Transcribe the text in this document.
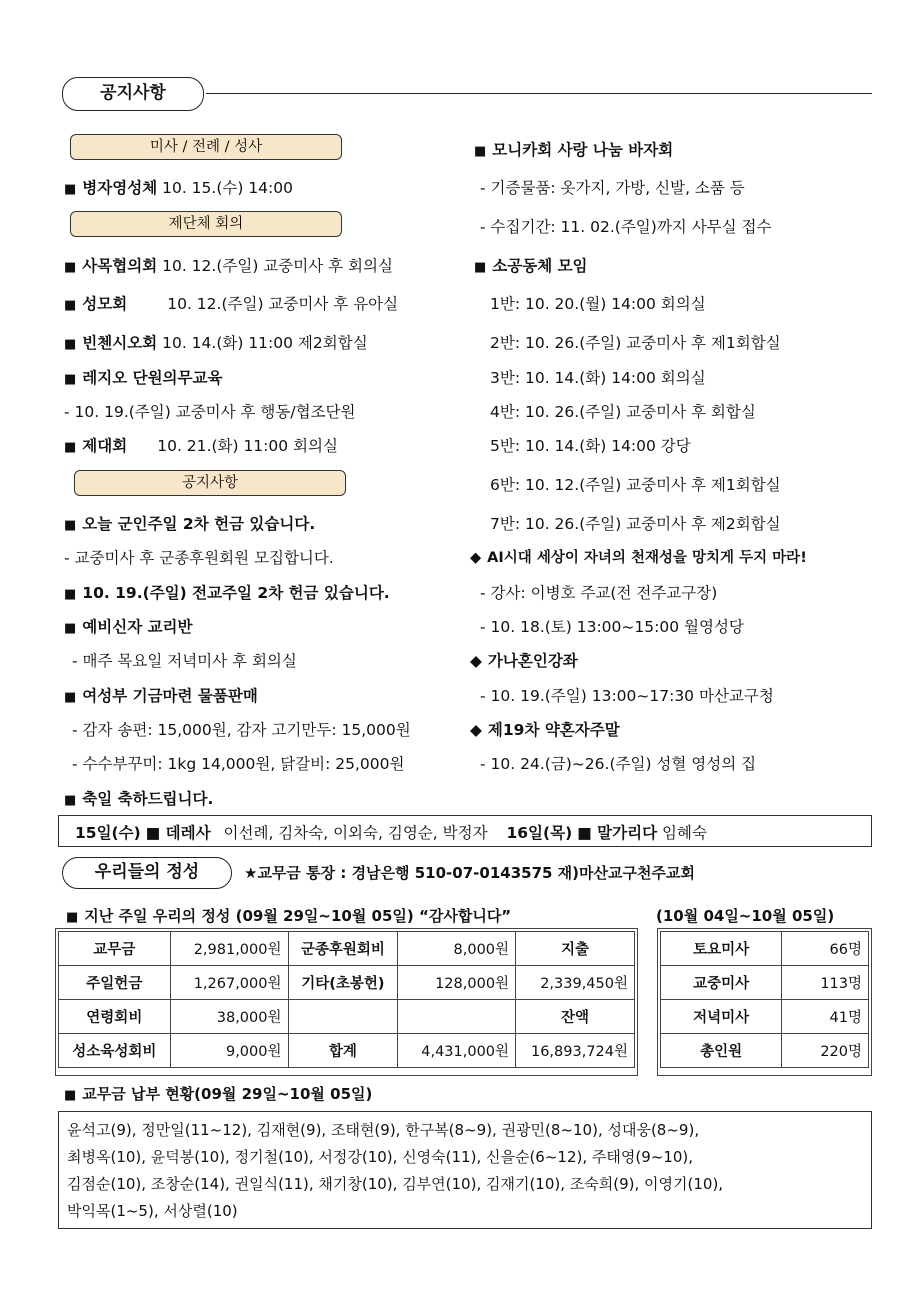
공지사항
미사 / 전례 / 성사
■ 병자영성체 10. 15.(수) 14:00
제단체 회의
■ 사목협의회 10. 12.(주일) 교중미사 후 회의실
■ 성모회	10. 12.(주일) 교중미사 후 유아실
■ 빈첸시오회 10. 14.(화) 11:00 제2회합실
■ 레지오 단원의무교육
- 10. 19.(주일) 교중미사 후 행동/협조단원
■ 제대회 10. 21.(화) 11:00 회의실
공지사항
■ 오늘 군인주일 2차 헌금 있습니다.
- 교중미사 후 군종후원회원 모집합니다.
■ 10. 19.(주일) 전교주일 2차 헌금 있습니다.
■ 예비신자 교리반
- 매주 목요일 저녁미사 후 회의실
■ 여성부 기금마련 물품판매
- 감자 송편: 15,000원, 감자 고기만두: 15,000원
- 수수부꾸미: 1kg 14,000원, 닭갈비: 25,000원
■ 축일 축하드립니다.
■ 모니카회 사랑 나눔 바자회
- 기증물품: 옷가지, 가방, 신발, 소품 등
- 수집기간: 11. 02.(주일)까지 사무실 접수
■ 소공동체 모임
1반: 10. 20.(월) 14:00 회의실
2반: 10. 26.(주일) 교중미사 후 제1회합실
3반: 10. 14.(화) 14:00 회의실
4반: 10. 26.(주일) 교중미사 후 회합실
5반: 10. 14.(화) 14:00 강당
6반: 10. 12.(주일) 교중미사 후 제1회합실
7반: 10. 26.(주일) 교중미사 후 제2회합실
◆ AI시대 세상이 자녀의 천재성을 망치게 두지 마라!
- 강사: 이병호 주교(전 전주교구장)
- 10. 18.(토) 13:00~15:00 월영성당
◆ 가나혼인강좌
- 10. 19.(주일) 13:00~17:30 마산교구청
◆ 제19차 약혼자주말
- 10. 24.(금)~26.(주일) 성혈 영성의 집
15일(수) ■ 데레사 이선례, 김차숙, 이외숙, 김영순, 박정자 16일(목) ■ 말가리다 임혜숙
우리들의 정성	★교무금 통장 : 경남은행 510-07-0143575 재)마산교구천주교회
■ 지난 주일 우리의 정성 (09월 29일~10월 05일) “감사합니다”	(10월 04일~10월 05일)
교무금	2,981,000원	군종후원회비	8,000원	지출
주일헌금	1,267,000원	기타(초봉헌)	128,000원	2,339,450원
연령회비	38,000원			잔액
성소육성회비	9,000원	합계	4,431,000원	16,893,724원
토요미사	66명
교중미사	113명
저녁미사	41명
총인원	220명
■ 교무금 납부 현황(09월 29일~10월 05일)
윤석고(9), 정만일(11~12), 김재현(9), 조태현(9), 한구복(8~9), 권광민(8~10), 성대웅(8~9),
최병옥(10), 윤덕봉(10), 정기철(10), 서정강(10), 신영숙(11), 신을순(6~12), 주태영(9~10),
김점순(10), 조창순(14), 권일식(11), 채기창(10), 김부연(10), 김재기(10), 조숙희(9), 이영기(10),
박익목(1~5), 서상렬(10)
